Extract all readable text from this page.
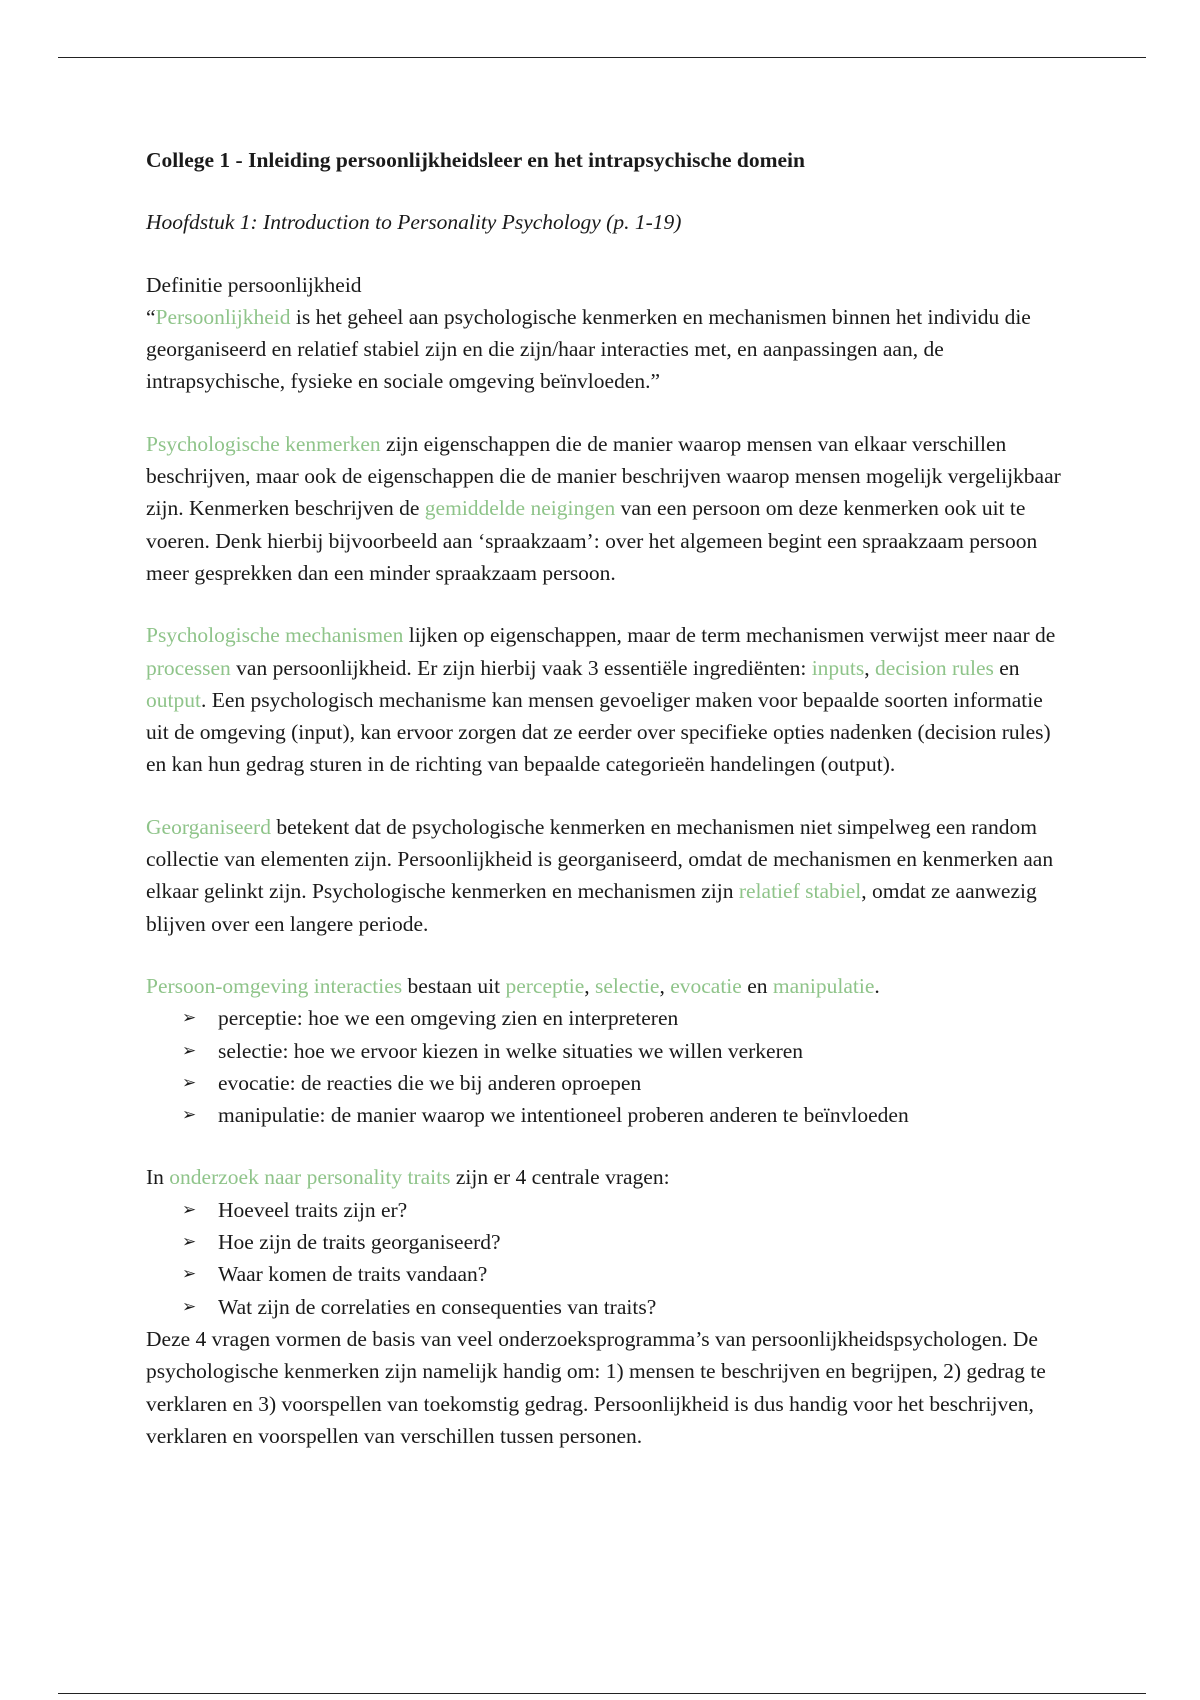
College 1 - Inleiding persoonlijkheidsleer en het intrapsychische domein
Hoofdstuk 1: Introduction to Personality Psychology (p. 1-19)

Definitie persoonlijkheid
“Persoonlijkheid is het geheel aan psychologische kenmerken en mechanismen binnen het individu die georganiseerd en relatief stabiel zijn en die zijn/haar interacties met, en aanpassingen aan, de intrapsychische, fysieke en sociale omgeving beïnvloeden.”

Psychologische kenmerken zijn eigenschappen die de manier waarop mensen van elkaar verschillen beschrijven, maar ook de eigenschappen die de manier beschrijven waarop mensen mogelijk vergelijkbaar zijn. Kenmerken beschrijven de gemiddelde neigingen van een persoon om deze kenmerken ook uit te voeren. Denk hierbij bijvoorbeeld aan ‘spraakzaam’: over het algemeen begint een spraakzaam persoon meer gesprekken dan een minder spraakzaam persoon.

Psychologische mechanismen lijken op eigenschappen, maar de term mechanismen verwijst meer naar de processen van persoonlijkheid. Er zijn hierbij vaak 3 essentiële ingrediënten: inputs, decision rules en output. Een psychologisch mechanisme kan mensen gevoeliger maken voor bepaalde soorten informatie uit de omgeving (input), kan ervoor zorgen dat ze eerder over specifieke opties nadenken (decision rules) en kan hun gedrag sturen in de richting van bepaalde categorieën handelingen (output).

Georganiseerd betekent dat de psychologische kenmerken en mechanismen niet simpelweg een random collectie van elementen zijn. Persoonlijkheid is georganiseerd, omdat de mechanismen en kenmerken aan elkaar gelinkt zijn. Psychologische kenmerken en mechanismen zijn relatief stabiel, omdat ze aanwezig blijven over een langere periode.

Persoon-omgeving interacties bestaan uit perceptie, selectie, evocatie en manipulatie.

➢ perceptie: hoe we een omgeving zien en interpreteren
➢ selectie: hoe we ervoor kiezen in welke situaties we willen verkeren
➢ evocatie: de reacties die we bij anderen oproepen
➢ manipulatie: de manier waarop we intentioneel proberen anderen te beïnvloeden

In onderzoek naar personality traits zijn er 4 centrale vragen:

➢ Hoeveel traits zijn er?
➢ Hoe zijn de traits georganiseerd?
➢ Waar komen de traits vandaan?
➢ Wat zijn de correlaties en consequenties van traits?

Deze 4 vragen vormen de basis van veel onderzoeksprogramma’s van persoonlijkheidspsychologen. De psychologische kenmerken zijn namelijk handig om: 1) mensen te beschrijven en begrijpen, 2) gedrag te verklaren en 3) voorspellen van toekomstig gedrag. Persoonlijkheid is dus handig voor het beschrijven, verklaren en voorspellen van verschillen tussen personen.
